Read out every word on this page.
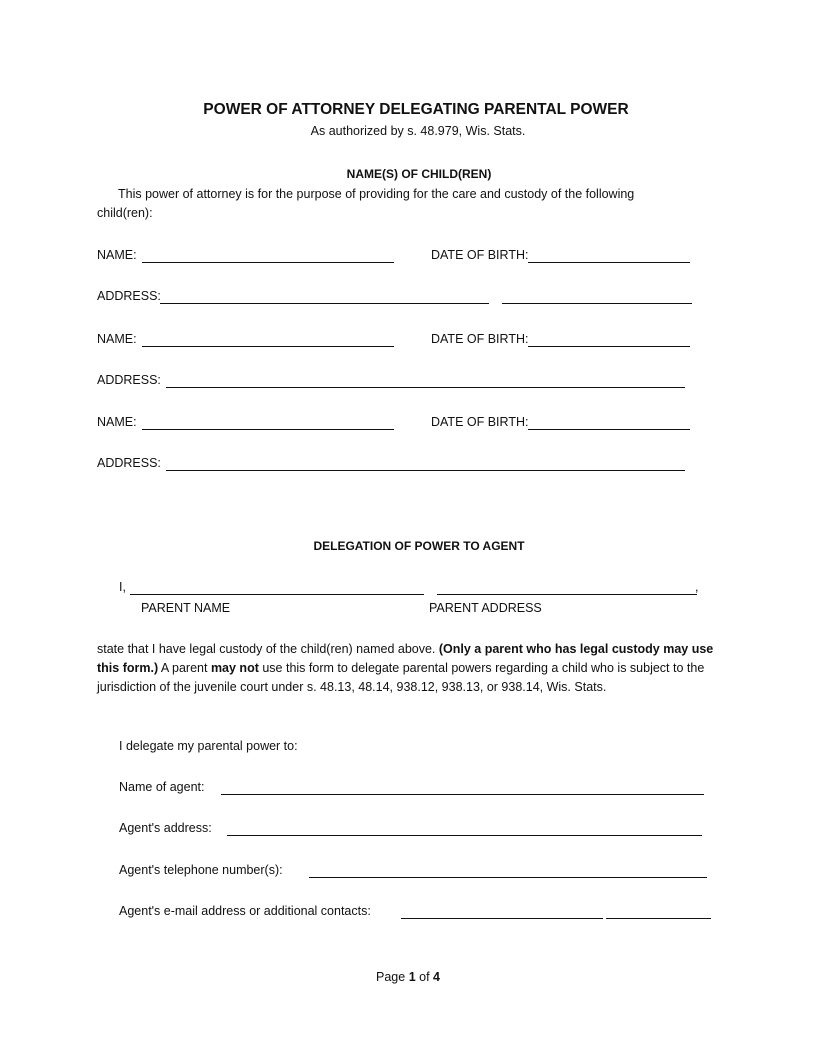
POWER OF ATTORNEY DELEGATING PARENTAL POWER
As authorized by s. 48.979, Wis. Stats.
NAME(S) OF CHILD(REN)
This power of attorney is for the purpose of providing for the care and custody of the following
child(ren):
NAME:	DATE OF BIRTH:
ADDRESS:
NAME:	DATE OF BIRTH:
ADDRESS:
NAME:	DATE OF BIRTH:
ADDRESS:
DELEGATION OF POWER TO AGENT
I,	,
PARENT NAME	PARENT ADDRESS
state that I have legal custody of the child(ren) named above. (Only a parent who has legal custody may use this form.) A parent may not use this form to delegate parental powers regarding a child who is subject to the jurisdiction of the juvenile court under s. 48.13, 48.14, 938.12, 938.13, or 938.14, Wis. Stats.
I delegate my parental power to:
Name of agent:
Agent's address:
Agent's telephone number(s):
Agent's e-mail address or additional contacts:
Page 1 of 4
